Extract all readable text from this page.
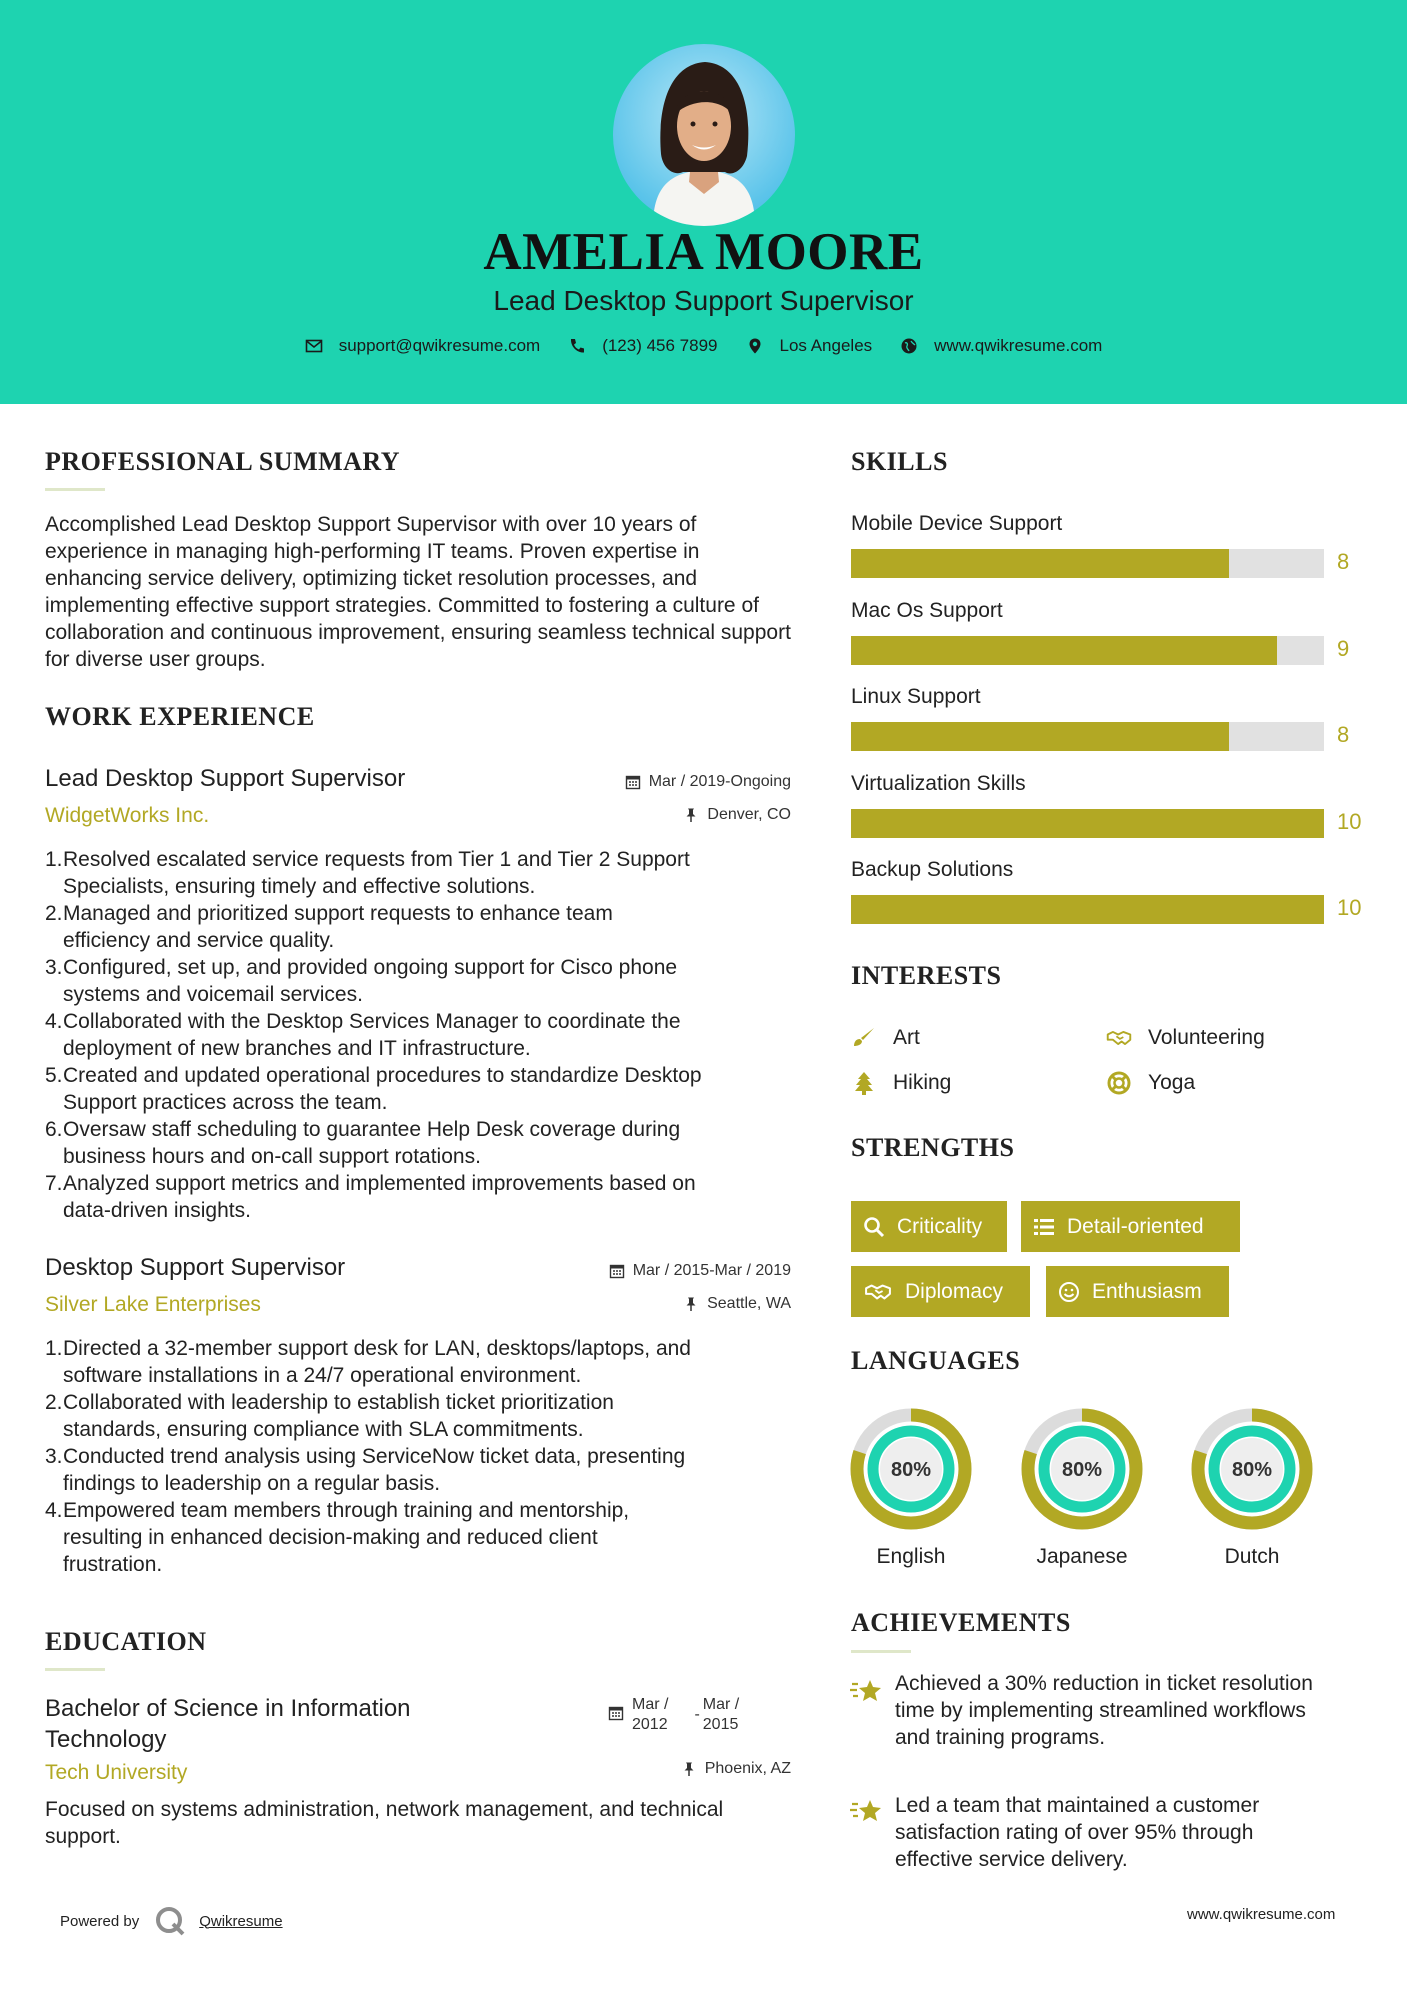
AMELIA MOORE
Lead Desktop Support Supervisor
support@qwikresume.com	(123) 456 7899	Los Angeles	www.qwikresume.com
PROFESSIONAL SUMMARY
Accomplished Lead Desktop Support Supervisor with over 10 years of experience in managing high-performing IT teams. Proven expertise in enhancing service delivery, optimizing ticket resolution processes, and implementing effective support strategies. Committed to fostering a culture of collaboration and continuous improvement, ensuring seamless technical support for diverse user groups.
WORK EXPERIENCE
Lead Desktop Support Supervisor	Mar / 2019-Ongoing
WidgetWorks Inc.	Denver, CO
1. Resolved escalated service requests from Tier 1 and Tier 2 Support
Specialists, ensuring timely and effective solutions.
2. Managed and prioritized support requests to enhance team
efficiency and service quality.
3. Configured, set up, and provided ongoing support for Cisco phone
systems and voicemail services.
4. Collaborated with the Desktop Services Manager to coordinate the
deployment of new branches and IT infrastructure.
5. Created and updated operational procedures to standardize Desktop
Support practices across the team.
6. Oversaw staff scheduling to guarantee Help Desk coverage during
business hours and on-call support rotations.
7. Analyzed support metrics and implemented improvements based on
data-driven insights.
Desktop Support Supervisor	Mar / 2015-Mar / 2019
Silver Lake Enterprises	Seattle, WA
1. Directed a 32-member support desk for LAN, desktops/laptops, and
software installations in a 24/7 operational environment.
2. Collaborated with leadership to establish ticket prioritization
standards, ensuring compliance with SLA commitments.
3. Conducted trend analysis using ServiceNow ticket data, presenting
findings to leadership on a regular basis.
4. Empowered team members through training and mentorship,
resulting in enhanced decision-making and reduced client
frustration.
EDUCATION
Bachelor of Science in Information
Technology
Mar /
2012
-
Mar /
2015
Tech University	Phoenix, AZ
Focused on systems administration, network management, and technical support.
SKILLS
Mobile Device Support
8
Mac Os Support
9
Linux Support
8
Virtualization Skills
10
Backup Solutions
10
INTERESTS
Art	Volunteering
Hiking	Yoga
STRENGTHS
Criticality	Detail-oriented
Diplomacy	Enthusiasm
LANGUAGES
80%
English
80%
Japanese
80%
Dutch
ACHIEVEMENTS
Achieved a 30% reduction in ticket resolution time by implementing streamlined workflows and training programs.
Led a team that maintained a customer satisfaction rating of over 95% through effective service delivery.
Powered by	Qwikresume	www.qwikresume.com
